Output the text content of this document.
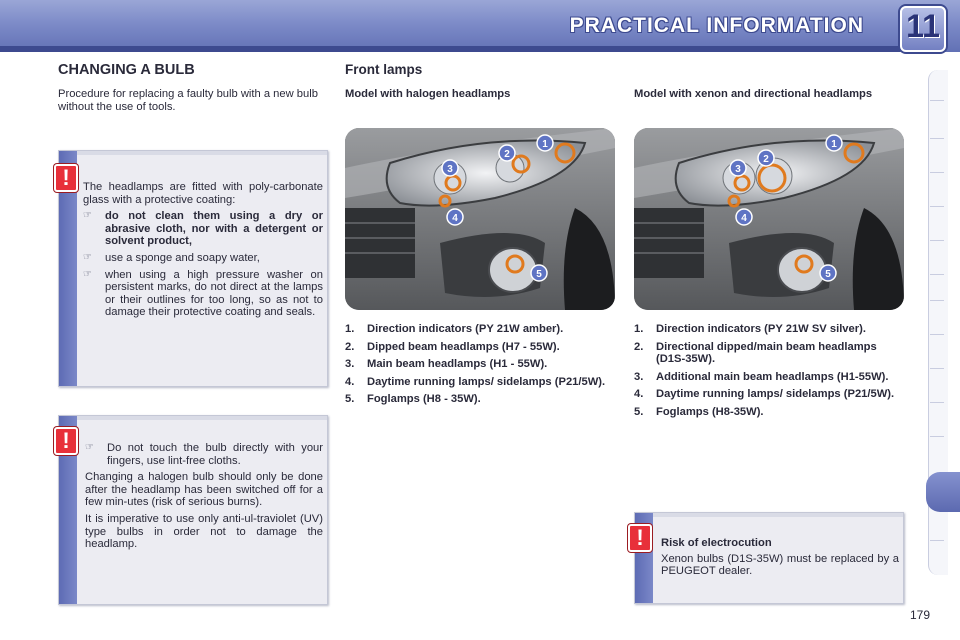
PRACTICAL INFORMATION 11
CHANGING A BULB
Procedure for replacing a faulty bulb with a new bulb without the use of tools.

The headlamps are fitted with poly-carbonate glass with a protective coating:

☞	do not clean them using a dry or abrasive cloth, nor with a detergent or solvent product,
☞	use a sponge and soapy water,
☞	when using a high pressure washer on persistent marks, do not direct at the lamps or their outlines for too long, so as not to damage their protective coating and seals.
!
☞	Do not touch the bulb directly with your fingers, use lint-free cloths.

Changing a halogen bulb should only be done after the headlamp has been switched off for a few min-utes (risk of serious burns).

It is imperative to use only anti-ul-traviolet (UV) type bulbs in order not to damage the headlamp.

!
Front lamps
Model with halogen headlamps	Model with xenon and directional headlamps
1
2
3
4
5
1
2
3
4
5
1.	Direction indicators (PY 21W amber).
2.	Dipped beam headlamps (H7 - 55W).
3.	Main beam headlamps (H1 - 55W).
4.	Daytime running lamps/ sidelamps (P21/5W).
5.	Foglamps (H8 - 35W).
1.	Direction indicators (PY 21W SV silver).
2.	Directional dipped/main beam headlamps (D1S-35W).
3.	Additional main beam headlamps (H1-55W).
4.	Daytime running lamps/ sidelamps (P21/5W).
5.	Foglamps (H8-35W).
Risk of electrocution

Xenon bulbs (D1S-35W) must be replaced by a PEUGEOT dealer.

!
179
